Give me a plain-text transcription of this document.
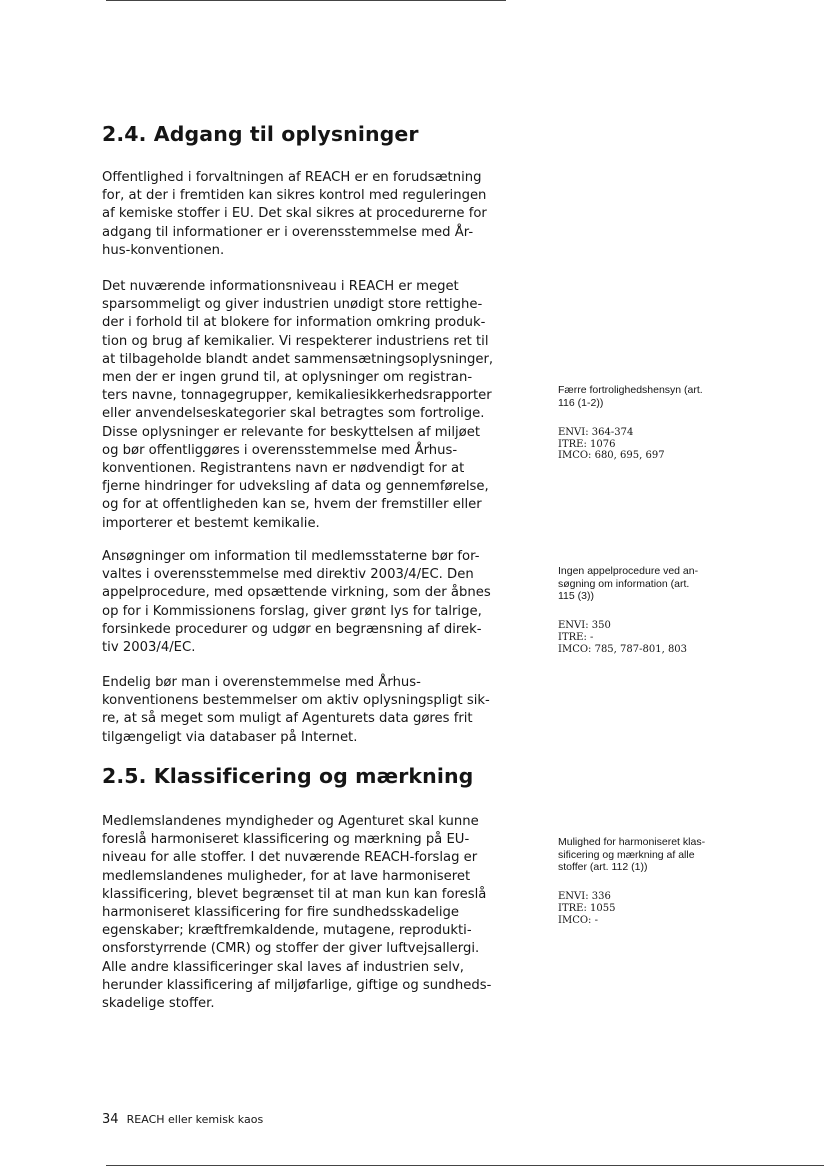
2.4. Adgang til oplysninger

Offentlighed i forvaltningen af REACH er en forudsætning
for, at der i fremtiden kan sikres kontrol med reguleringen
af kemiske stoffer i EU. Det skal sikres at procedurerne for
adgang til informationer er i overensstemmelse med År-
hus-konventionen.

Det nuværende informationsniveau i REACH er meget
sparsommeligt og giver industrien unødigt store rettighe-
der i forhold til at blokere for information omkring produk-
tion og brug af kemikalier. Vi respekterer industriens ret til
at tilbageholde blandt andet sammensætningsoplysninger,
men der er ingen grund til, at oplysninger om registran-
ters navne, tonnagegrupper, kemikaliesikkerhedsrapporter
eller anvendelseskategorier skal betragtes som fortrolige.
Disse oplysninger er relevante for beskyttelsen af miljøet
og bør offentliggøres i overensstemmelse med Århus-
konventionen. Registrantens navn er nødvendigt for at
fjerne hindringer for udveksling af data og gennemførelse,
og for at offentligheden kan se, hvem der fremstiller eller
importerer et bestemt kemikalie.

Ansøgninger om information til medlemsstaterne bør for-
valtes i overensstemmelse med direktiv 2003/4/EC. Den
appelprocedure, med opsættende virkning, som der åbnes
op for i Kommissionens forslag, giver grønt lys for talrige,
forsinkede procedurer og udgør en begrænsning af direk-
tiv 2003/4/EC.

Endelig bør man i overenstemmelse med Århus-
konventionens bestemmelser om aktiv oplysningspligt sik-
re, at så meget som muligt af Agenturets data gøres frit
tilgængeligt via databaser på Internet.

2.5. Klassificering og mærkning

Medlemslandenes myndigheder og Agenturet skal kunne
foreslå harmoniseret klassificering og mærkning på EU-
niveau for alle stoffer. I det nuværende REACH-forslag er
medlemslandenes muligheder, for at lave harmoniseret
klassificering, blevet begrænset til at man kun kan foreslå
harmoniseret klassificering for fire sundhedsskadelige
egenskaber; kræftfremkaldende, mutagene, reprodukti-
onsforstyrrende (CMR) og stoffer der giver luftvejsallergi.
Alle andre klassificeringer skal laves af industrien selv,
herunder klassificering af miljøfarlige, giftige og sundheds-
skadelige stoffer.

Færre fortrolighedshensyn (art.
116 (1-2))

ENVI: 364-374
ITRE: 1076
IMCO: 680, 695, 697

Ingen appelprocedure ved an-
søgning om information (art.
115 (3))

ENVI: 350
ITRE: -
IMCO: 785, 787-801, 803

Mulighed for harmoniseret klas-
sificering og mærkning af alle
stoffer (art. 112 (1))

ENVI: 336
ITRE: 1055
IMCO: -

34 REACH eller kemisk kaos
